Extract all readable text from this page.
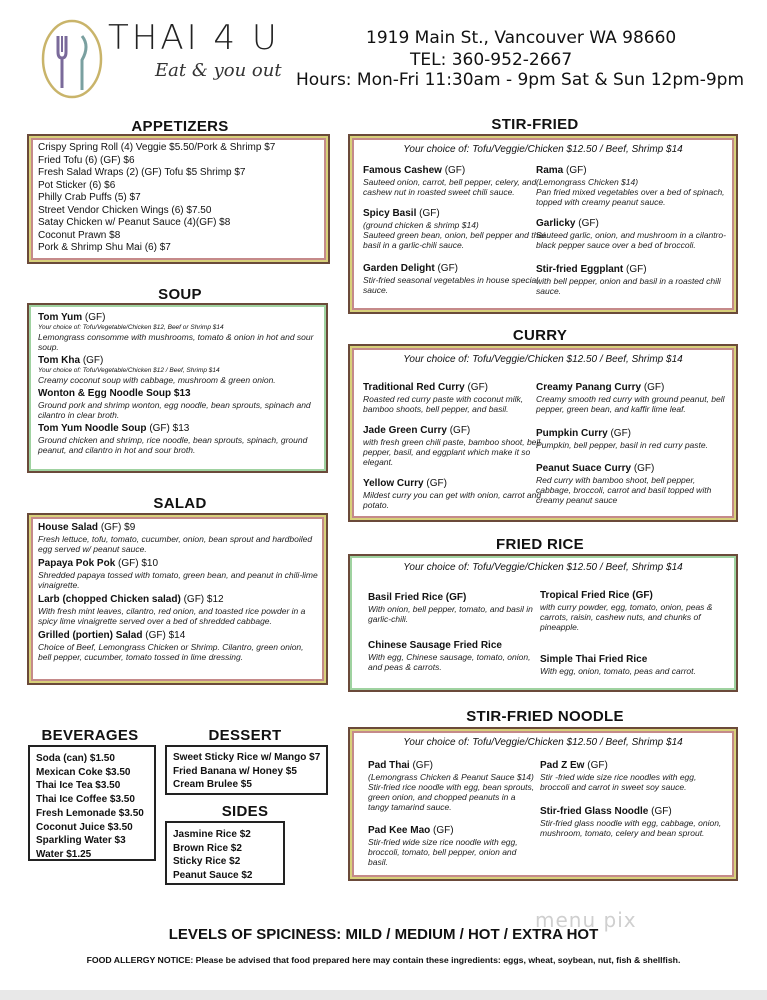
THAI 4 U
Eat & you out
1919 Main St., Vancouver WA 98660
TEL: 360-952-2667
Hours: Mon-Fri 11:30am - 9pm Sat & Sun 12pm-9pm
APPETIZERS
Crispy Spring Roll (4) Veggie $5.50/Pork & Shrimp $7
Fried Tofu (6) (GF) $6
Fresh Salad Wraps (2) (GF) Tofu $5 Shrimp $7
Pot Sticker (6) $6
Philly Crab Puffs (5) $7
Street Vendor Chicken Wings (6) $7.50
Satay Chicken w/ Peanut Sauce (4)(GF) $8
Coconut Prawn $8
Pork & Shrimp Shu Mai (6) $7
SOUP
Tom Yum (GF)
Your choice of: Tofu/Vegetable/Chicken $12, Beef or Shrimp $14
Lemongrass consomme with mushrooms, tomato & onion in hot and sour soup.
Tom Kha (GF)
Your choice of: Tofu/Vegetable/Chicken $12 / Beef, Shrimp $14
Creamy coconut soup with cabbage, mushroom & green onion.
Wonton & Egg Noodle Soup $13
Ground pork and shrimp wonton, egg noodle, bean sprouts, spinach and cilantro in clear broth.
Tom Yum Noodle Soup (GF) $13
Ground chicken and shrimp, rice noodle, bean sprouts, spinach, ground peanut, and cilantro in hot and sour broth.
SALAD
House Salad (GF) $9
Fresh lettuce, tofu, tomato, cucumber, onion, bean sprout and hardboiled egg served w/ peanut sauce.
Papaya Pok Pok (GF) $10
Shredded papaya tossed with tomato, green bean, and peanut in chili-lime vinaigrette.
Larb (chopped Chicken salad) (GF) $12
With fresh mint leaves, cilantro, red onion, and toasted rice powder in a spicy lime vinaigrette served over a bed of shredded cabbage.
Grilled (portien) Salad (GF) $14
Choice of Beef, Lemongrass Chicken or Shrimp. Cilantro, green onion, bell pepper, cucumber, tomato tossed in lime dressing.
BEVERAGES
Soda (can) $1.50
Mexican Coke $3.50
Thai Ice Tea $3.50
Thai Ice Coffee $3.50
Fresh Lemonade $3.50
Coconut Juice $3.50
Sparkling Water $3
Water $1.25
DESSERT
Sweet Sticky Rice w/ Mango $7
Fried Banana w/ Honey $5
Cream Brulee $5
SIDES
Jasmine Rice $2
Brown Rice $2
Sticky Rice $2
Peanut Sauce $2
STIR-FRIED
Your choice of: Tofu/Veggie/Chicken $12.50 / Beef, Shrimp $14
Famous Cashew (GF)
Sauteed onion, carrot, bell pepper, celery, and cashew nut in roasted sweet chili sauce.
Spicy Basil (GF)
(ground chicken & shrimp $14)
Sauteed green bean, onion, bell pepper and thai basil in a garlic-chili sauce.
Garden Delight (GF)
Stir-fried seasonal vegetables in house special sauce.
Rama (GF)
(Lemongrass Chicken $14)
Pan fried mixed vegetables over a bed of spinach, topped with creamy peanut sauce.
Garlicky (GF)
Sauteed garlic, onion, and mushroom in a cilantro-black pepper sauce over a bed of broccoli.
Stir-fried Eggplant (GF)
with bell pepper, onion and basil in a roasted chili sauce.
CURRY
Your choice of: Tofu/Veggie/Chicken $12.50 / Beef, Shrimp $14
Traditional Red Curry (GF)
Roasted red curry paste with coconut milk, bamboo shoots, bell pepper, and basil.
Jade Green Curry (GF)
with fresh green chili paste, bamboo shoot, bell pepper, basil, and eggplant which make it so elegant.
Yellow Curry (GF)
Mildest curry you can get with onion, carrot and potato.
Creamy Panang Curry (GF)
Creamy smooth red curry with ground peanut, bell pepper, green bean, and kaffir lime leaf.
Pumpkin Curry (GF)
Pumpkin, bell pepper, basil in red curry paste.
Peanut Suace Curry (GF)
Red curry with bamboo shoot, bell pepper, cabbage, broccoli, carrot and basil topped with creamy peanut sauce
FRIED RICE
Your choice of: Tofu/Veggie/Chicken $12.50 / Beef, Shrimp $14
Basil Fried Rice (GF)
With onion, bell pepper, tomato, and basil in garlic-chili.
Chinese Sausage Fried Rice
With egg, Chinese sausage, tomato, onion, and peas & carrots.
Tropical Fried Rice (GF)
with curry powder, egg, tomato, onion, peas & carrots, raisin, cashew nuts, and chunks of pineapple.
Simple Thai Fried Rice
With egg, onion, tomato, peas and carrot.
STIR-FRIED NOODLE
Your choice of: Tofu/Veggie/Chicken $12.50 / Beef, Shrimp $14
Pad Thai (GF)
(Lemongrass Chicken & Peanut Sauce $14)
Stir-fried rice noodle with egg, bean sprouts, green onion, and chopped peanuts in a tangy tamarind sauce.
Pad Kee Mao (GF)
Stir-fried wide size rice noodle with egg, broccoli, tomato, bell pepper, onion and basil.
Pad Z Ew (GF)
Stir -fried wide size rice noodles with egg, broccoli and carrot in sweet soy sauce.
Stir-fried Glass Noodle (GF)
Stir-fried glass noodle with egg, cabbage, onion, mushroom, tomato, celery and bean sprout.
menu pix
LEVELS OF SPICINESS: MILD / MEDIUM / HOT / EXTRA HOT
FOOD ALLERGY NOTICE: Please be advised that food prepared here may contain these ingredients: eggs, wheat, soybean, nut, fish & shellfish.
